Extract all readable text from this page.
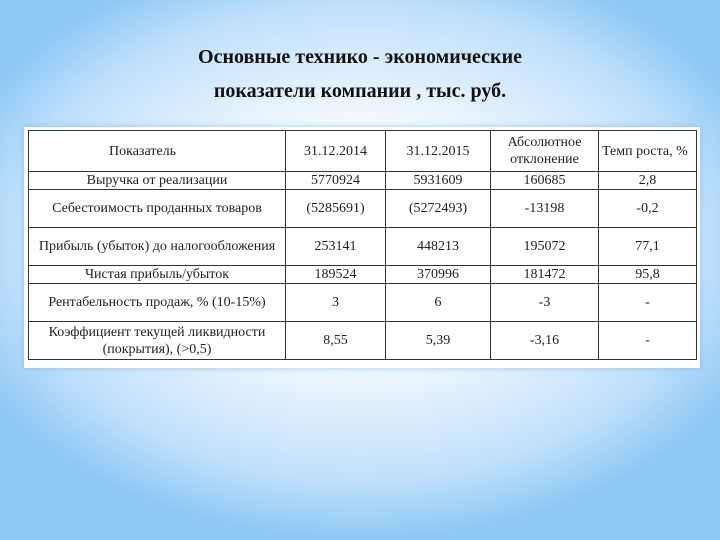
Основные технико - экономические
показатели компании , тыс. руб.
Показатель	31.12.2014	31.12.2015	Абсолютное отклонение	Темп роста, %
Выручка от реализации	5770924	5931609	160685	2,8
Себестоимость проданных товаров	(5285691)	(5272493)	-13198	-0,2
Прибыль (убыток) до налогообложения	253141	448213	195072	77,1
Чистая прибыль/убыток	189524	370996	181472	95,8
Рентабельность продаж, % (10-15%)	3	6	-3	-
Коэффициент текущей ликвидности (покрытия), (>0,5)	8,55	5,39	-3,16	-
